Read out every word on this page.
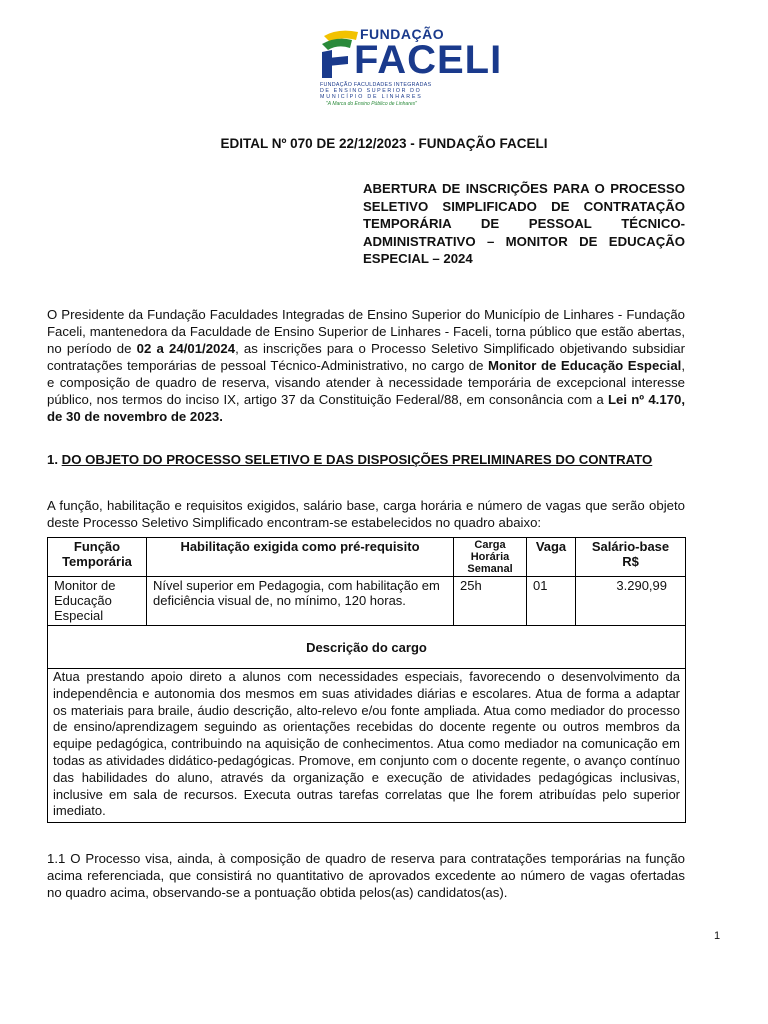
FUNDAÇÃO
FACELI
FUNDAÇÃO FACULDADES INTEGRADAS
DE ENSINO SUPERIOR DO
MUNICÍPIO DE LINHARES
"A Marca do Ensino Público de Linhares"
EDITAL Nº 070 DE 22/12/2023 - FUNDAÇÃO FACELI
ABERTURA DE INSCRIÇÕES PARA O PROCESSO SELETIVO SIMPLIFICADO DE CONTRATAÇÃO TEMPORÁRIA DE PESSOAL TÉCNICO-ADMINISTRATIVO – MONITOR DE EDUCAÇÃO ESPECIAL – 2024
O Presidente da Fundação Faculdades Integradas de Ensino Superior do Município de Linhares - Fundação Faceli, mantenedora da Faculdade de Ensino Superior de Linhares - Faceli, torna público que estão abertas, no período de 02 a 24/01/2024, as inscrições para o Processo Seletivo Simplificado objetivando subsidiar contratações temporárias de pessoal Técnico-Administrativo, no cargo de Monitor de Educação Especial, e composição de quadro de reserva, visando atender à necessidade temporária de excepcional interesse público, nos termos do inciso IX, artigo 37 da Constituição Federal/88, em consonância com a Lei nº 4.170, de 30 de novembro de 2023.
1. DO OBJETO DO PROCESSO SELETIVO E DAS DISPOSIÇÕES PRELIMINARES DO CONTRATO
A função, habilitação e requisitos exigidos, salário base, carga horária e número de vagas que serão objeto deste Processo Seletivo Simplificado encontram-se estabelecidos no quadro abaixo:
Função Temporária	Habilitação exigida como pré-requisito	Carga Horária Semanal	Vaga	Salário-base R$
Monitor de Educação Especial	Nível superior em Pedagogia, com habilitação em deficiência visual de, no mínimo, 120 horas.	25h	01	3.290,99
Descrição do cargo				
Atua prestando apoio direto a alunos com necessidades especiais, favorecendo o desenvolvimento da independência e autonomia dos mesmos em suas atividades diárias e escolares. Atua de forma a adaptar os materiais para braile, áudio descrição, alto-relevo e/ou fonte ampliada. Atua como mediador do processo de ensino/aprendizagem seguindo as orientações recebidas do docente regente ou outros membros da equipe pedagógica, contribuindo na aquisição de conhecimentos. Atua como mediador na comunicação em todas as atividades didático-pedagógicas. Promove, em conjunto com o docente regente, o avanço contínuo das habilidades do aluno, através da organização e execução de atividades pedagógicas inclusivas, inclusive em sala de recursos. Executa outras tarefas correlatas que lhe forem atribuídas pelo superior imediato.				
1.1 O Processo visa, ainda, à composição de quadro de reserva para contratações temporárias na função acima referenciada, que consistirá no quantitativo de aprovados excedente ao número de vagas ofertadas no quadro acima, observando-se a pontuação obtida pelos(as) candidatos(as).
1
